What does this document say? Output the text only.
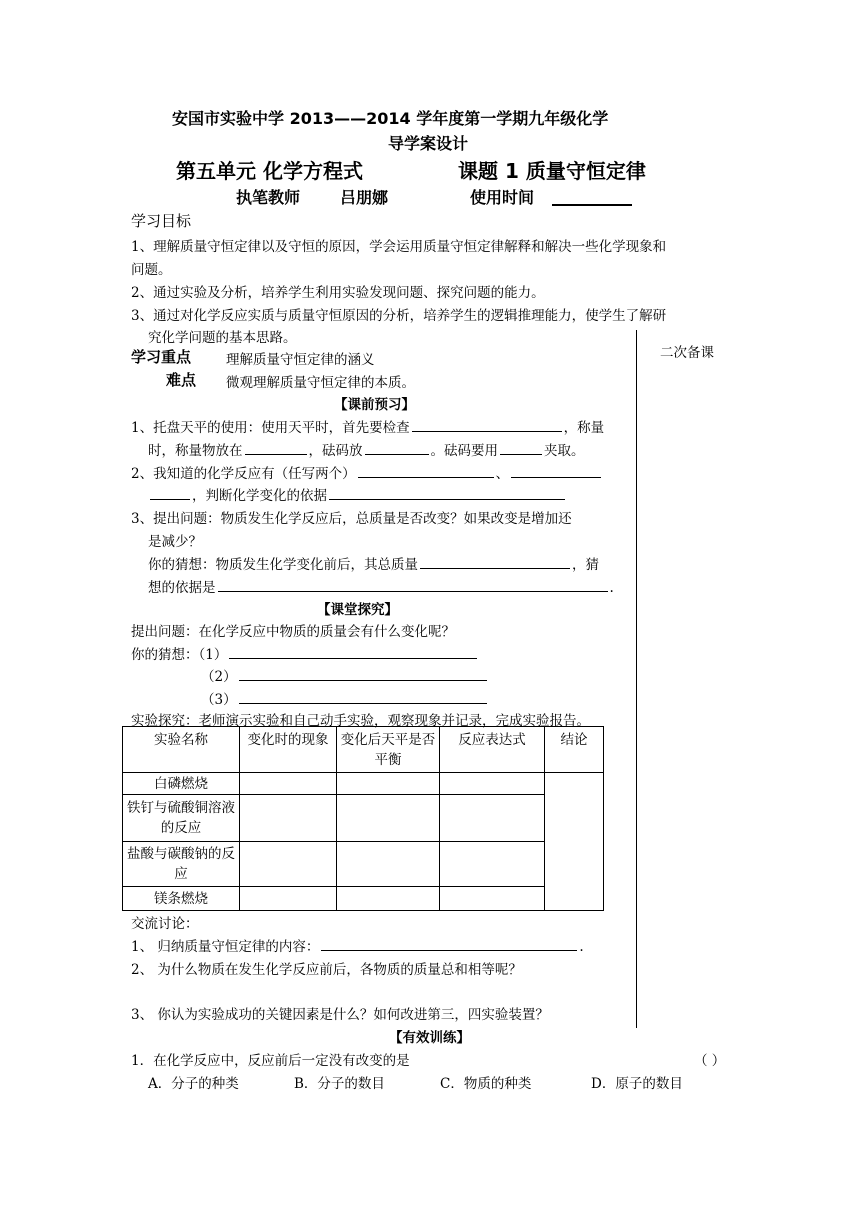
安国市实验中学 2013——2014 学年度第一学期九年级化学
导学案设计
第五单元 化学方程式	课题 1 质量守恒定律
执笔教师 吕朋娜	使用时间
学习目标
1、理解质量守恒定律以及守恒的原因，学会运用质量守恒定律解释和解决一些化学现象和
问题。
2、通过实验及分析，培养学生利用实验发现问题、探究问题的能力。
3、通过对化学反应实质与质量守恒原因的分析，培养学生的逻辑推理能力，使学生了解研
究化学问题的基本思路。
二次备课
学习重点	理解质量守恒定律的涵义
难点 微观理解质量守恒定律的本质。
【课前预习】
1、托盘天平的使用：使用天平时，首先要检查	，称量
时，称量物放在	，砝码放	。砝码要用	夹取。
2、我知道的化学反应有（任写两个）	、
，判断化学变化的依据
3、提出问题：物质发生化学反应后，总质量是否改变？如果改变是增加还
是减少？
你的猜想：物质发生化学变化前后，其总质量	，猜
想的依据是	.
【课堂探究】
提出问题：在化学反应中物质的质量会有什么变化呢？
你的猜想：（1）
（2）
（3）
实验探究：老师演示实验和自己动手实验，观察现象并记录，完成实验报告。
实验名称	变化时的现象	变化后天平是否平衡	反应表达式	结论
白磷燃烧				
铁钉与硫酸铜溶液的反应				
盐酸与碳酸钠的反应				
镁条燃烧				
交流讨论：
1、 归纳质量守恒定律的内容：	.
2、 为什么物质在发生化学反应前后，各物质的质量总和相等呢？
3、 你认为实验成功的关键因素是什么？如何改进第三，四实验装置？
【有效训练】
1．在化学反应中，反应前后一定没有改变的是	（ ）
A．分子的种类	B．分子的数目	C．物质的种类	D．原子的数目
